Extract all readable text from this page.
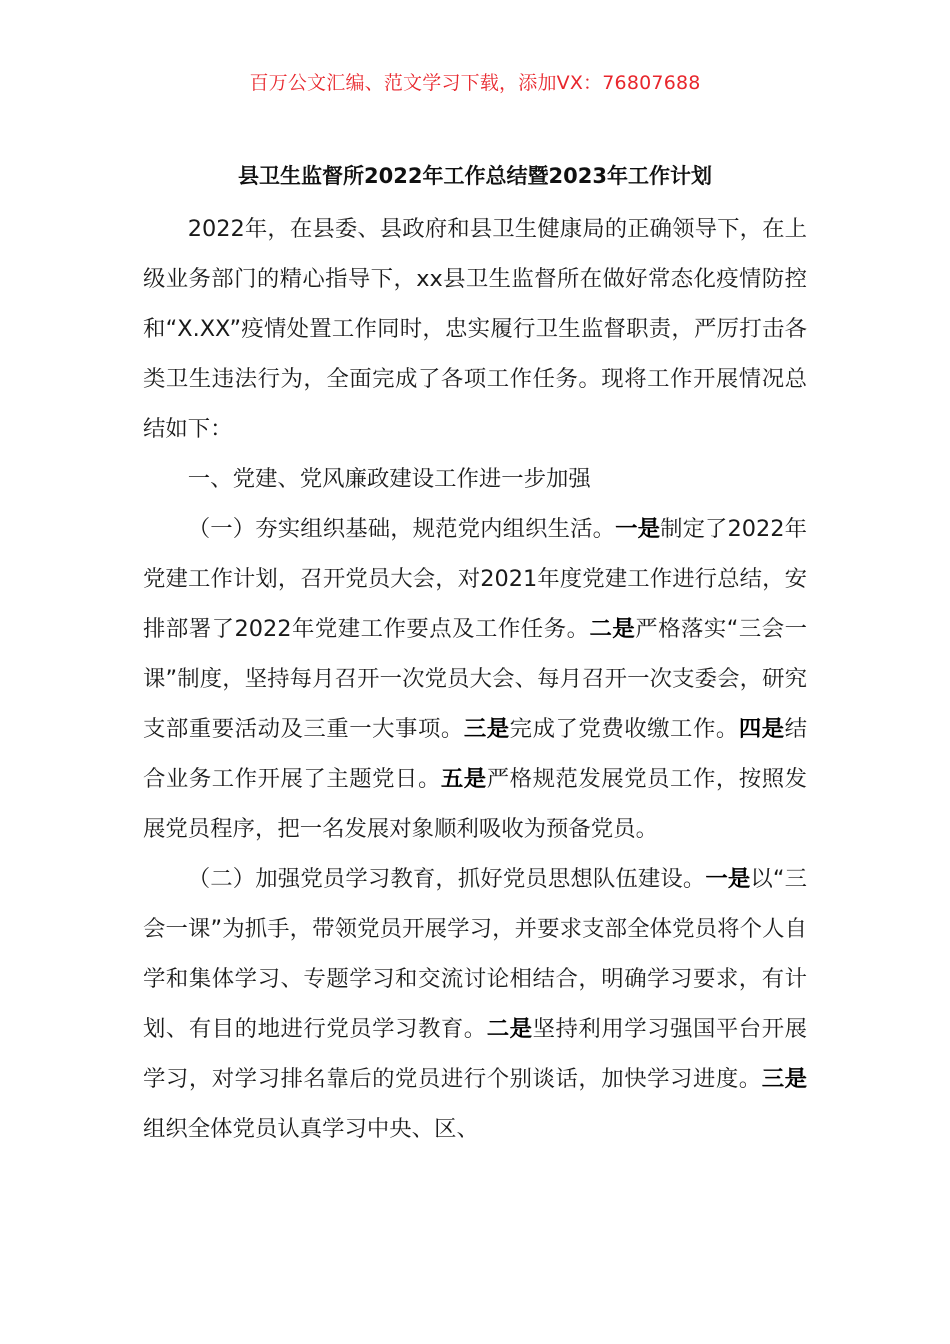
百万公文汇编、范文学习下载，添加VX：76807688
县卫生监督所2022年工作总结暨2023年工作计划

2022年，在县委、县政府和县卫生健康局的正确领导下，在上级业务部门的精心指导下，xx县卫生监督所在做好常态化疫情防控和“X.XX”疫情处置工作同时，忠实履行卫生监督职责，严厉打击各类卫生违法行为，全面完成了各项工作任务。现将工作开展情况总结如下：

一、党建、党风廉政建设工作进一步加强

（一）夯实组织基础，规范党内组织生活。一是制定了2022年党建工作计划，召开党员大会，对2021年度党建工作进行总结，安排部署了2022年党建工作要点及工作任务。二是严格落实“三会一课”制度，坚持每月召开一次党员大会、每月召开一次支委会，研究支部重要活动及三重一大事项。三是完成了党费收缴工作。四是结合业务工作开展了主题党日。五是严格规范发展党员工作，按照发展党员程序，把一名发展对象顺利吸收为预备党员。

（二）加强党员学习教育，抓好党员思想队伍建设。一是以“三会一课”为抓手，带领党员开展学习，并要求支部全体党员将个人自学和集体学习、专题学习和交流讨论相结合，明确学习要求，有计划、有目的地进行党员学习教育。二是坚持利用学习强国平台开展学习，对学习排名靠后的党员进行个别谈话，加快学习进度。三是组织全体党员认真学习中央、区、
